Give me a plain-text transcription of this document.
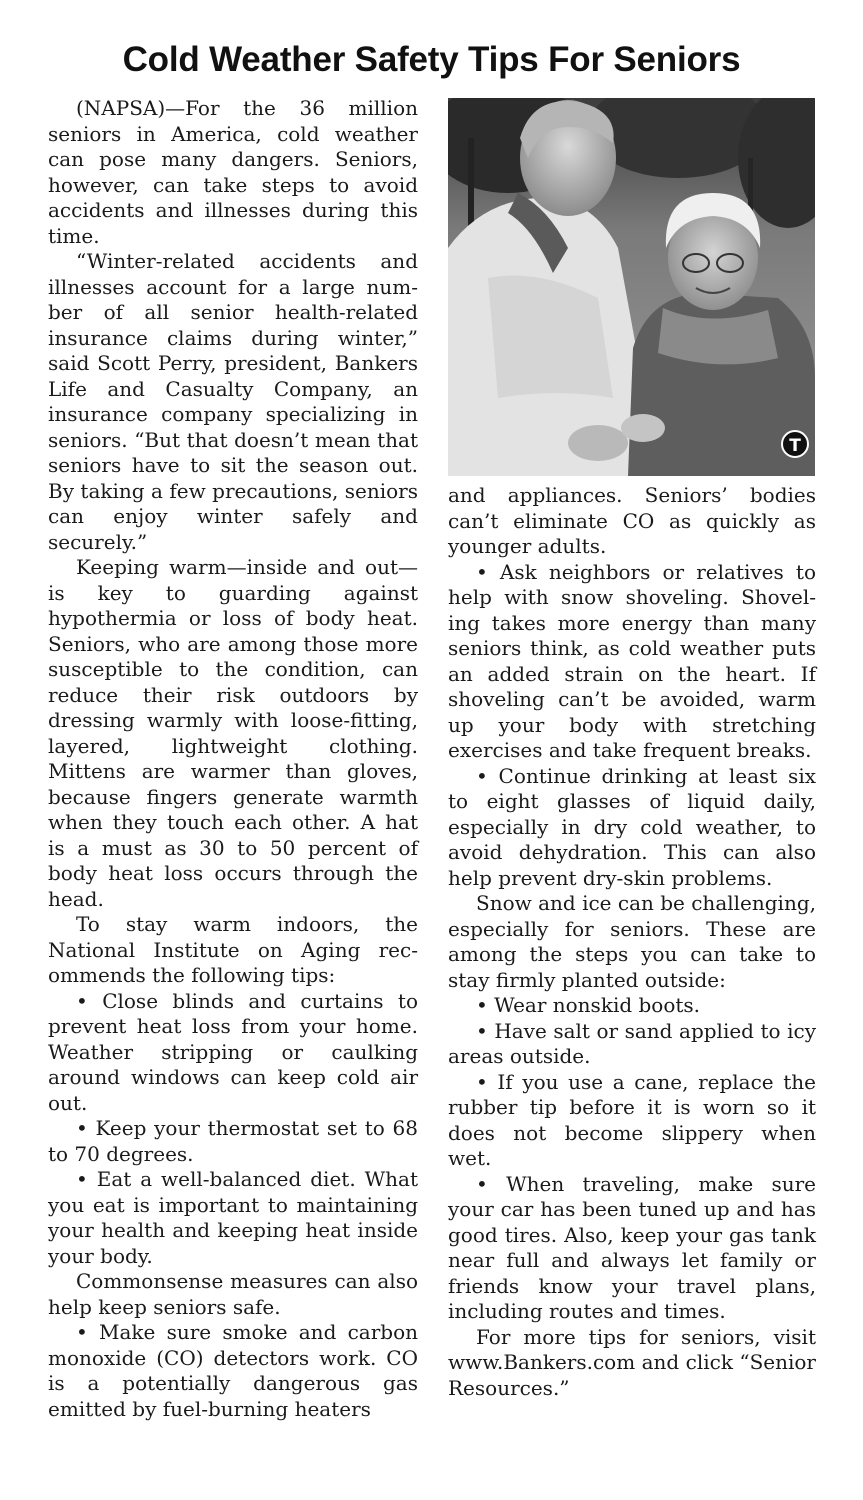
Cold Weather Safety Tips For Seniors

(NAPSA)—For the 36 million seniors in America, cold weather can pose many dangers. Seniors, however, can take steps to avoid accidents and illnesses during this time.

“Winter-related accidents and illnesses account for a large number of all senior health-related insurance claims during winter,” said Scott Perry, president, Bankers Life and Casualty Company, an insurance company specializing in seniors. “But that doesn’t mean that seniors have to sit the season out. By taking a few precautions, seniors can enjoy winter safely and securely.”

Keeping warm—inside and out—is key to guarding against hypothermia or loss of body heat. Seniors, who are among those more susceptible to the condition, can reduce their risk outdoors by dressing warmly with loose-fitting, layered, lightweight clothing. Mittens are warmer than gloves, because fingers generate warmth when they touch each other. A hat is a must as 30 to 50 percent of body heat loss occurs through the head.

To stay warm indoors, the National Institute on Aging recommends the following tips:

• Close blinds and curtains to prevent heat loss from your home. Weather stripping or caulking around windows can keep cold air out.

• Keep your thermostat set to 68 to 70 degrees.

• Eat a well-balanced diet. What you eat is important to maintaining your health and keeping heat inside your body.

Commonsense measures can also help keep seniors safe.

• Make sure smoke and carbon monoxide (CO) detectors work. CO is a potentially dangerous gas emitted by fuel-burning heaters

T

and appliances. Seniors’ bodies can’t eliminate CO as quickly as younger adults.

• Ask neighbors or relatives to help with snow shoveling. Shoveling takes more energy than many seniors think, as cold weather puts an added strain on the heart. If shoveling can’t be avoided, warm up your body with stretching exercises and take frequent breaks.

• Continue drinking at least six to eight glasses of liquid daily, especially in dry cold weather, to avoid dehydration. This can also help prevent dry-skin problems.

Snow and ice can be challenging, especially for seniors. These are among the steps you can take to stay firmly planted outside:

• Wear nonskid boots.

• Have salt or sand applied to icy areas outside.

• If you use a cane, replace the rubber tip before it is worn so it does not become slippery when wet.

• When traveling, make sure your car has been tuned up and has good tires. Also, keep your gas tank near full and always let family or friends know your travel plans, including routes and times.

For more tips for seniors, visit www.Bankers.com and click “Senior Resources.”
